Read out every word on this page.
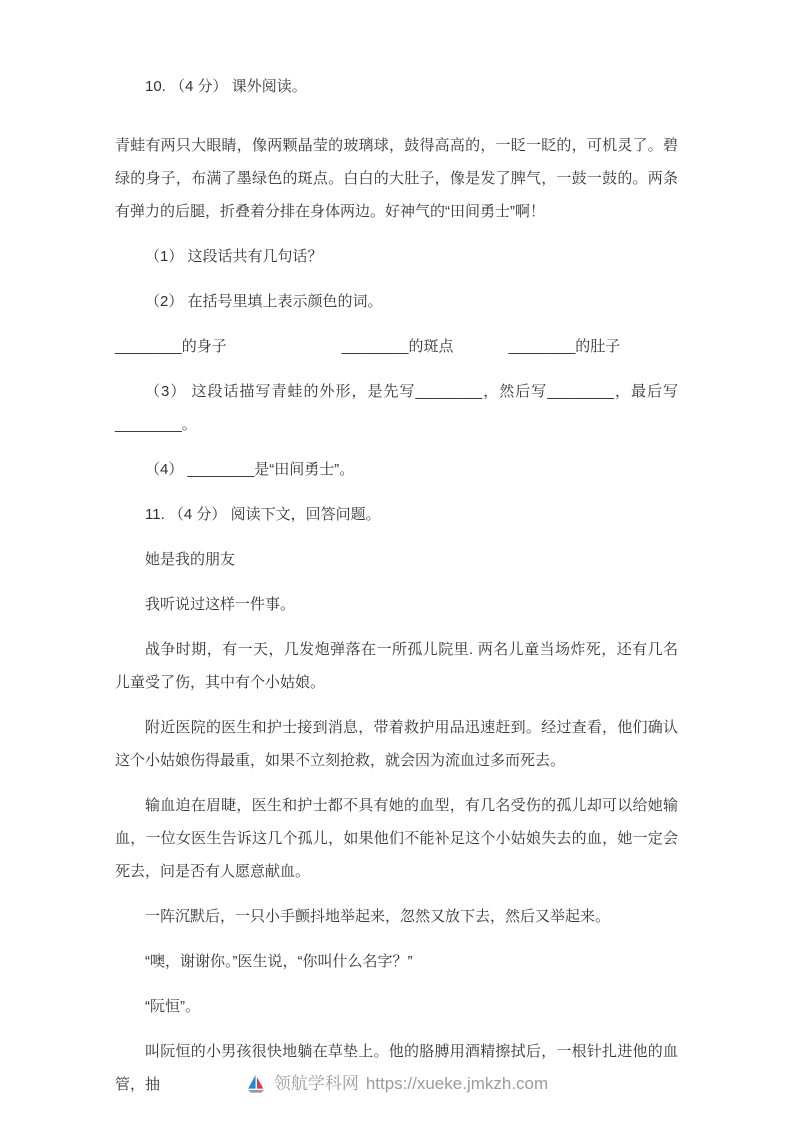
10. （4 分） 课外阅读。

青蛙有两只大眼睛，像两颗晶莹的玻璃球，鼓得高高的，一眨一眨的，可机灵了。碧绿的身子，布满了墨绿色的斑点。白白的大肚子，像是发了脾气，一鼓一鼓的。两条有弹力的后腿，折叠着分排在身体两边。好神气的“田间勇士”啊！

（1） 这段话共有几句话？

（2） 在括号里填上表示颜色的词。

________的身子	________的斑点	________的肚子

（3） 这段话描写青蛙的外形，是先写________，然后写________，最后写________。

（4） ________是“田间勇士”。

11. （4 分） 阅读下文，回答问题。

她是我的朋友

我听说过这样一件事。

战争时期，有一天，几发炮弹落在一所孤儿院里. 两名儿童当场炸死，还有几名儿童受了伤，其中有个小姑娘。

附近医院的医生和护士接到消息，带着救护用品迅速赶到。经过查看，他们确认这个小姑娘伤得最重，如果不立刻抢救，就会因为流血过多而死去。

输血迫在眉睫，医生和护士都不具有她的血型，有几名受伤的孤儿却可以给她输血，一位女医生告诉这几个孤儿，如果他们不能补足这个小姑娘失去的血，她一定会死去，问是否有人愿意献血。

一阵沉默后，一只小手颤抖地举起来，忽然又放下去，然后又举起来。

“噢，谢谢你。”医生说，“你叫什么名字？”

“阮恒”。

叫阮恒的小男孩很快地躺在草垫上。他的胳膊用酒精擦拭后，一根针扎进他的血管，抽	领航学科网 https://xueke.jmkzh.com
